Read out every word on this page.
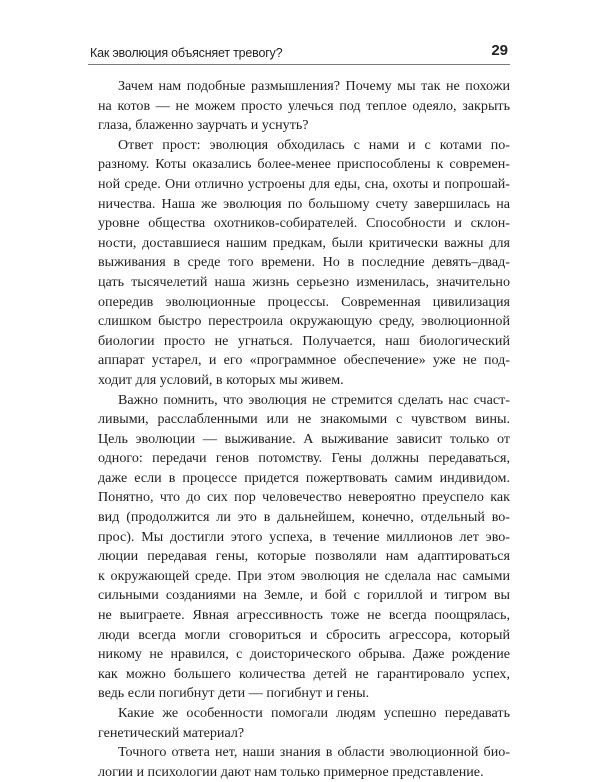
Как эволюция объясняет тревогу?	29
Зачем нам подобные размышления? Почему мы так не похожи
на котов — не можем просто улечься под теплое одеяло, закрыть
глаза, блаженно заурчать и уснуть?
Ответ прост: эволюция обходилась с нами и с котами по-
разному. Коты оказались более-менее приспособлены к современ-
ной среде. Они отлично устроены для еды, сна, охоты и попрошай-
ничества. Наша же эволюция по большому счету завершилась на
уровне общества охотников-собирателей. Способности и склон-
ности, доставшиеся нашим предкам, были критически важны для
выживания в среде того времени. Но в последние девять–двад-
цать тысячелетий наша жизнь серьезно изменилась, значительно
опередив эволюционные процессы. Современная цивилизация
слишком быстро перестроила окружающую среду, эволюционной
биологии просто не угнаться. Получается, наш биологический
аппарат устарел, и его «программное обеспечение» уже не под-
ходит для условий, в которых мы живем.
Важно помнить, что эволюция не стремится сделать нас счаст-
ливыми, расслабленными или не знакомыми с чувством вины.
Цель эволюции — выживание. А выживание зависит только от
одного: передачи генов потомству. Гены должны передаваться,
даже если в процессе придется пожертвовать самим индивидом.
Понятно, что до сих пор человечество невероятно преуспело как
вид (продолжится ли это в дальнейшем, конечно, отдельный во-
прос). Мы достигли этого успеха, в течение миллионов лет эво-
люции передавая гены, которые позволяли нам адаптироваться
к окружающей среде. При этом эволюция не сделала нас самыми
сильными созданиями на Земле, и бой с гориллой и тигром вы
не выиграете. Явная агрессивность тоже не всегда поощрялась,
люди всегда могли сговориться и сбросить агрессора, который
никому не нравился, с доисторического обрыва. Даже рождение
как можно большего количества детей не гарантировало успех,
ведь если погибнут дети — погибнут и гены.
Какие же особенности помогали людям успешно передавать
генетический материал?
Точного ответа нет, наши знания в области эволюционной био-
логии и психологии дают нам только примерное представление.
